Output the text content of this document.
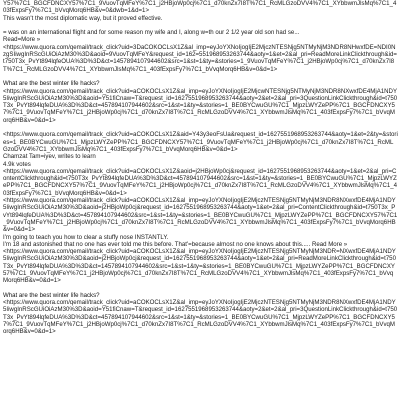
Y57%7C1_BGCFDNCXY57%7C1_9VuovTqMFeY%7C1_j2HBjoWp0cj%7C1_d70knZx7I8T%7C1_RcMLGzoDVV4%7C1_XYbbwmJlsMq%7C1_403fExpsFy7%7C1_bVvqMorq6HB&v=0&dwb=1&d=1>
This wasn't the most diplomatic way, but it proved effective.
= was on an international flight and for some reason my wife and I, along w=th our 2 1/2 year old son had se...
Read=More »
<https://www.quora.com/qemail/track_click?uid=3DaCOKOCLsX1Z&al_imp=eyJoYXNoIjogIjE2MjczNTESNjg5NTMyNjM3NDR8NHwxfDE=NDI0NzgSIiwgInRScGUiOiAzM30%3D&aoid=9VuovTqMFeY&request_id=162=551968953263744&aoty=1&et=2&al_pri=ReadMoreLinkClickthrough&id=t750T3x_PvYt894lqfeOUA%3D%3D&ct=1457894107944602&src=1&st=1&ty=&stories=1_9VuovTqMFeY%7C1_j2HBjoWp0cj%7C1_d70knZx7I8T%7C1_RcMLGzoDVV4%7C1_XYbbwmJlsMq%7C1_403fExpsFy7%7C1_bVvqMorq6HB&v=0&d=1>
What are the best winter life hacks?
<https://www.quora.com/qemail/track_click?uid=aCOKOCLsX1Z&al_imp=eyJoYXNoIjogIjE2MjcwNTESNjg5NTMyNjM3NDR8NXwxfDE4MjA1NDY5IiwgInRScGUiOiAzM30%3D&aoid=Y51fiCnaw=T&request_id=1627551968953263744&aoty=2&et=2&al_pri=3QuestionLinkClickthrough&id=t750T3x_PvYt894lqfeDUA%3D%3D&ct=457894107944602&src=1&st=1&ty=&stories=1_BE0BYCwuGU%7C1_MjpzLWYZePP%7C1_BGCFDNCXY57%7C1_9VuovTqMFeY%7C1_j2HBjoWp0cj%7C1_d70knZx7I8T%7C1_RcMLGzoDVV4%7C1_XYbbwmJlsMq%7C1_403fExpsFy7%7C1_bVvqMorq6HB&v=0&d=1>
<https://www.quora.com/qemail/track_click?uid=aCOKOCLsX1Z&aid=Y43y3eoFsUa&request_id=1627551968953263744&aoty=1&et=2&ty=&stories=1_BE0BYCwuGU%7C1_MjpzLWYZePP%7C1_BGCFDNCXY57%7C1_9VuovTqMFeY%7C1_j2HBjoWp0cj%7C1_d70knZx7I8T%7C1_RcMLGzoDVV4%7C1_XYbbwmJlsMq%7C1_403fExpsFy7%7C1_bVvqMorq6HB&v=0&d=1>
Chamzat Tam=iyev, writes to learn
4.9k votes
<https://www.quora.com/qemail/track_click?uid=aCOKOCLsX1Z&aoid=j2HBjoWp0cj&request_id=1627551968953263744&aoty=1&et=2&al_pri=ContentClickthrough&id=t750T3x_PvYt894lqfeDUA%3D%3D&ct=457894107944602&src=1&st=1&ty=&stories=1_BE0BYCwuGU%7C1_MjpzLWYZePP%7C1_BGCFDNCXY57%7C1_9VuovTqMFeY%7C1_j2HBjoWp0cj%7C1_d70knZx7I8T%7C1_RcMLGzoDVV4%7C1_XYbbwmJlsMq%7C1_403fExpsFy7%7C1_bVvqMorq6HB&v=0&d=1>
<https://www.quora.com/qemail/track_click?uid=aCOKOCLsX1Z&al_imp=eyJoYXNoIjogIjE2MjczNTESNjg5NTMyNjM3NDR8NXwxfDE4MjA1NDY5IiwgInRScGUiOiAzM30%3D&aoid=j2HBjoWp0cj&request_id=1627551968953263744&aoty=1&et=2&al_pri=ContentClickthrough&id=t750T3x_PvYt894lqfeDUA%3D%3D&ct=457894107944602&src=1&st=1&ty=&stories=1_BE0BYCwuGU%7C1_MjpzLWYZePP%7C1_BGCFDNCXY57%7C1_9VuovTqMFeY%7C1_j2HBjoWp0cj%7C1_d70knZx7I8T%7C1_RcMLGzoDVV4%7C1_XYbbwmJlsMq%7C1_403fExpsFy7%7C1_bVvqMorq6HB&v=0&d=1>
I'm going to teach you how to clear a stuffy nose INSTANTLY.
I'm 18 and astonished that no one has ever told me this before. That'=because almost no one knows about this..... Read More »
<https://www.quora.com/qemail/track_click?uid=aCOKOCLsX1Z&al_imp=eyJoYXNoIjogIjE2MjczNTESNjg5NTMyNjM3NDR=NXwxfDE4MjA1NDY5IiwgInRScGUiOiAzM30%3D&aoid=j2HBjoWp0cj&request_id=1627551968953263744&aoty=1&et=2&al_pri=ReadMoreLinkClickthrough&id=t750T3x_PvYt894lqfeDUA%3D%3D&ct=1457894107944602&src=1&st=1&ty=&stories=1_BE0BYCwuGU%7C1_MjpzLWYZePP%7C1_BGCFDNCXY57%7C1_9VuovTqMFeY%7C1_j2HBjoWp0cj%7C1_d70knZx7I8T%7C1_RcMLGzoDVV4%7C1_XYbbwmJlsMq%7C1_403fExpsFy7%7C1_bVvqMorq6HB&v=0&d=1>
What are the best winter life hacks?
<https://www.quora.com/qemail/track_click?uid=aCOKOCLsX1Z&al_imp=eyJoYXNoIjogIjE2MjczNTESNjg5NTMyNjM3NDR8NXwxfDE4MjA1NDY5IiwgInRScGUiOiAzM30%3D&aoid=Y51fiCnaw=T&request_id=1627551968953263744&aoty=2&et=2&al_pri=3QuestionLinkClickthrough&id=t750T3x_PvYt894lqfeDUA%3D%3D&ct=457894107944602&src=1&st=1&ty=&stories=1_BE0BYCwuGU%7C1_MjpzLWYZePP%7C1_BGCFDNCXY57%7C1_9VuovTqMFeY%7C1_j2HBjoWp0cj%7C1_d70knZx7I8T%7C1_RcMLGzoDVV4%7C1_XYbbwmJlsMq%7C1_403fExpsFy7%7C1_bVvqMorq6HB&v=0&d=1>
